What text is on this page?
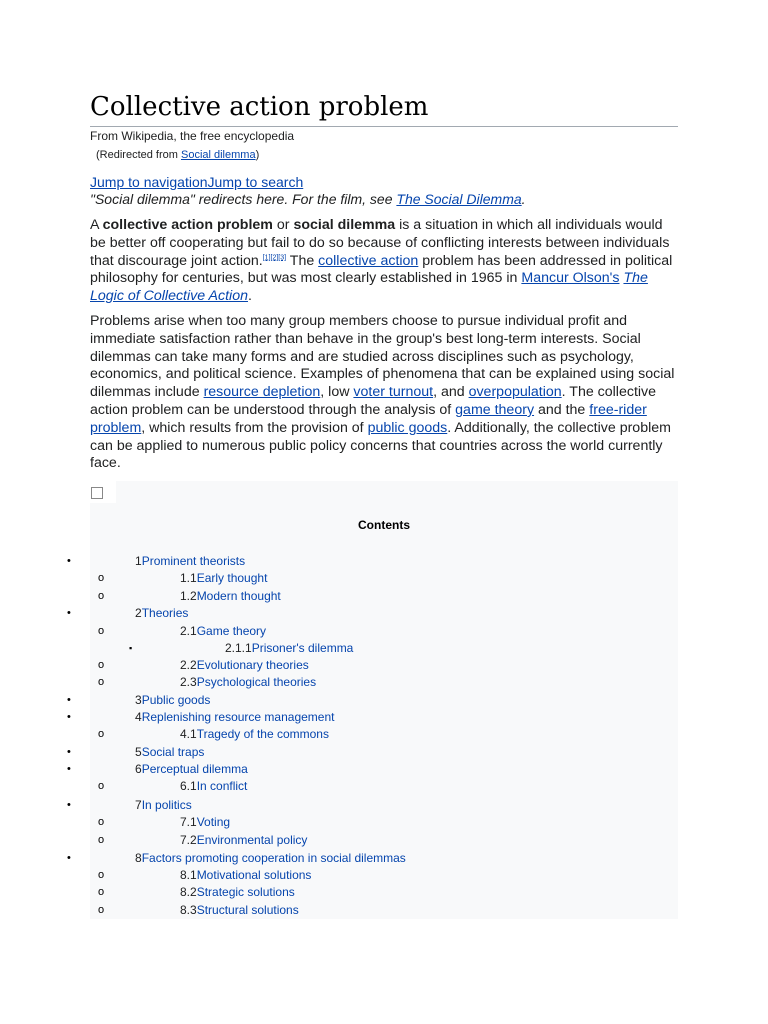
Collective action problem
From Wikipedia, the free encyclopedia
(Redirected from Social dilemma)
Jump to navigationJump to search
"Social dilemma" redirects here. For the film, see The Social Dilemma.

A collective action problem or social dilemma is a situation in which all individuals would be better off cooperating but fail to do so because of conflicting interests between individuals that discourage joint action.[1][2][3] The collective action problem has been addressed in political philosophy for centuries, but was most clearly established in 1965 in Mancur Olson's The Logic of Collective Action.

Problems arise when too many group members choose to pursue individual profit and immediate satisfaction rather than behave in the group's best long-term interests. Social dilemmas can take many forms and are studied across disciplines such as psychology, economics, and political science. Examples of phenomena that can be explained using social dilemmas include resource depletion, low voter turnout, and overpopulation. The collective action problem can be understood through the analysis of game theory and the free-rider problem, which results from the provision of public goods. Additionally, the collective problem can be applied to numerous public policy concerns that countries across the world currently face.

Contents
•	1Prominent theorists
o	1.1Early thought
o	1.2Modern thought
•	2Theories
o	2.1Game theory
▪	2.1.1Prisoner's dilemma
o	2.2Evolutionary theories
o	2.3Psychological theories
•	3Public goods
•	4Replenishing resource management
o	4.1Tragedy of the commons
•	5Social traps
•	6Perceptual dilemma
o	6.1In conflict
•	7In politics
o	7.1Voting
o	7.2Environmental policy
•	8Factors promoting cooperation in social dilemmas
o	8.1Motivational solutions
o	8.2Strategic solutions
o	8.3Structural solutions
